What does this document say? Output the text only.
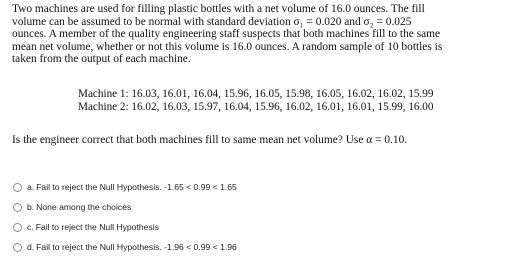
Two machines are used for filling plastic bottles with a net volume of 16.0 ounces. The fill

volume can be assumed to be normal with standard deviation σ₁ = 0.020 and σ₂ = 0.025

ounces. A member of the quality engineering staff suspects that both machines fill to the same

mean net volume, whether or not this volume is 16.0 ounces. A random sample of 10 bottles is

taken from the output of each machine.

Machine 1: 16.03, 16.01, 16.04, 15.96, 16.05, 15.98, 16.05, 16.02, 16.02, 15.99
Machine 2: 16.02, 16.03, 15.97, 16.04, 15.96, 16.02, 16.01, 16.01, 15.99, 16.00
Is the engineer correct that both machines fill to same mean net volume? Use α = 0.10.
a. Fail to reject the Null Hypothesis. -1.65 < 0.99 < 1.65
b. None among the choices
c. Fail to reject the Null Hypothesis
d. Fail to reject the Null Hypothesis. -1.96 < 0.99 < 1.96
